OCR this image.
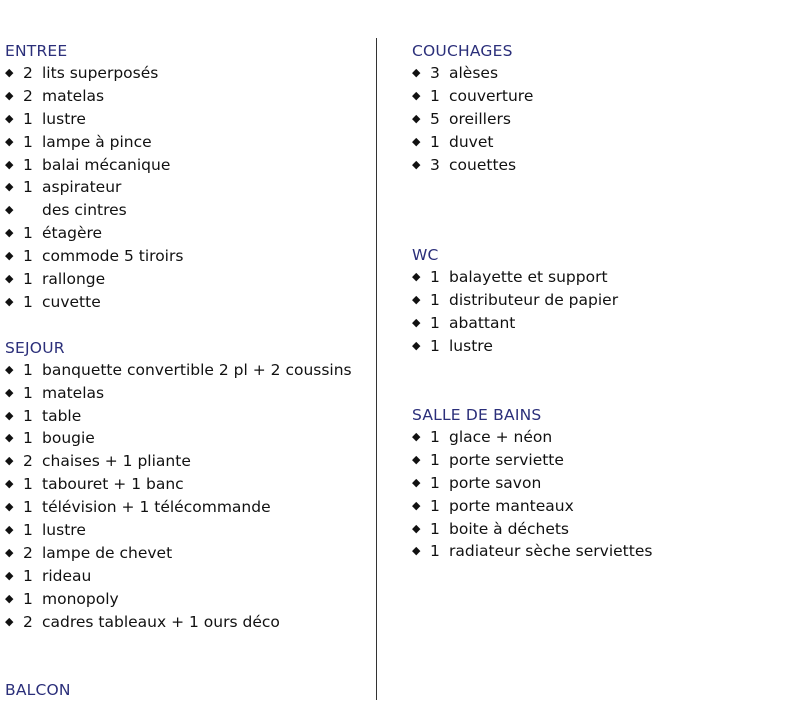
ENTREE
◆ 2 lits superposés
◆ 2 matelas
◆ 1 lustre
◆ 1 lampe à pince
◆ 1 balai mécanique
◆ 1 aspirateur
◆ des cintres
◆ 1 étagère
◆ 1 commode 5 tiroirs
◆ 1 rallonge
◆ 1 cuvette
SEJOUR
◆ 1 banquette convertible 2 pl + 2 coussins
◆ 1 matelas
◆ 1 table
◆ 1 bougie
◆ 2 chaises + 1 pliante
◆ 1 tabouret + 1 banc
◆ 1 télévision + 1 télécommande
◆ 1 lustre
◆ 2 lampe de chevet
◆ 1 rideau
◆ 1 monopoly
◆ 2 cadres tableaux + 1 ours déco
BALCON
COUCHAGES
◆ 3 alèses
◆ 1 couverture
◆ 5 oreillers
◆ 1 duvet
◆ 3 couettes
WC
◆ 1 balayette et support
◆ 1 distributeur de papier
◆ 1 abattant
◆ 1 lustre
SALLE DE BAINS
◆ 1 glace + néon
◆ 1 porte serviette
◆ 1 porte savon
◆ 1 porte manteaux
◆ 1 boite à déchets
◆ 1 radiateur sèche serviettes
